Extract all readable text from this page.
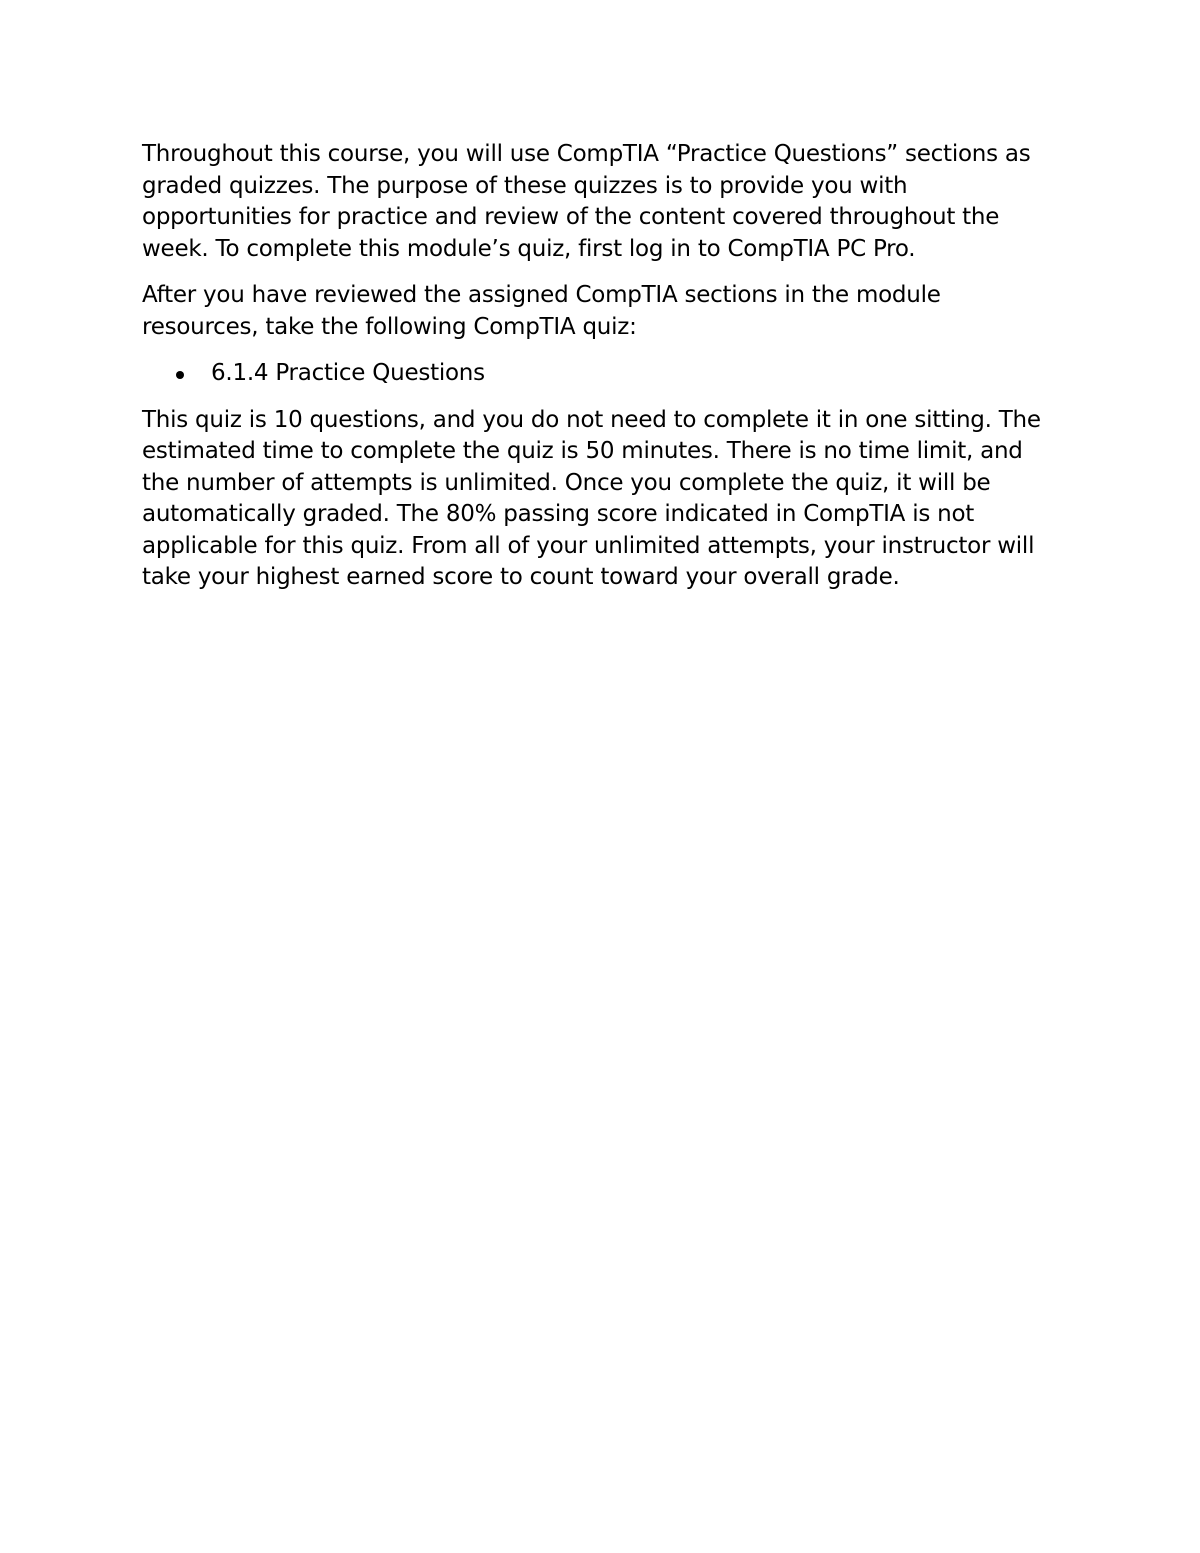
Throughout this course, you will use CompTIA “Practice Questions” sections as graded quizzes. The purpose of these quizzes is to provide you with opportunities for practice and review of the content covered throughout the week. To complete this module’s quiz, first log in to CompTIA PC Pro.

After you have reviewed the assigned CompTIA sections in the module resources, take the following CompTIA quiz:

6.1.4 Practice Questions

This quiz is 10 questions, and you do not need to complete it in one sitting. The estimated time to complete the quiz is 50 minutes. There is no time limit, and the number of attempts is unlimited. Once you complete the quiz, it will be automatically graded. The 80% passing score indicated in CompTIA is not applicable for this quiz. From all of your unlimited attempts, your instructor will take your highest earned score to count toward your overall grade.
